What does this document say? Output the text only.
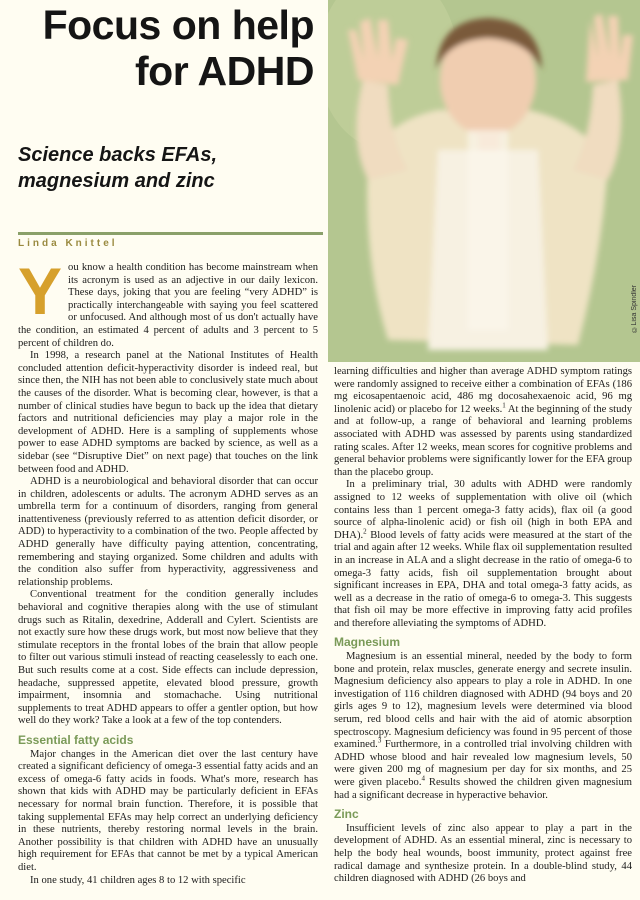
Focus on help
for ADHD
Science backs EFAs,
magnesium and zinc
Linda Knittel
©Lisa Spindler

You know a health condition has become mainstream when its acronym is used as an adjective in our daily lexicon. These days, joking that you are feeling “very ADHD” is practically interchangeable with saying you feel scattered or unfocused. And although most of us don't actually have the condition, an estimated 4 percent of adults and 3 percent to 5 percent of children do.

In 1998, a research panel at the National Institutes of Health concluded attention deficit-hyperactivity disorder is indeed real, but since then, the NIH has not been able to conclusively state much about the causes of the disorder. What is becoming clear, however, is that a number of clinical studies have begun to back up the idea that dietary factors and nutritional deficiencies may play a major role in the development of ADHD. Here is a sampling of supplements whose power to ease ADHD symptoms are backed by science, as well as a sidebar (see “Disruptive Diet” on next page) that touches on the link between food and ADHD.

ADHD is a neurobiological and behavioral disorder that can occur in children, adolescents or adults. The acronym ADHD serves as an umbrella term for a continuum of disorders, ranging from general inattentiveness (previously referred to as attention deficit disorder, or ADD) to hyperactivity to a combination of the two. People affected by ADHD generally have difficulty paying attention, concentrating, remembering and staying organized. Some children and adults with the condition also suffer from hyperactivity, aggressiveness and relationship problems.

Conventional treatment for the condition generally includes behavioral and cognitive therapies along with the use of stimulant drugs such as Ritalin, dexedrine, Adderall and Cylert. Scientists are not exactly sure how these drugs work, but most now believe that they stimulate receptors in the frontal lobes of the brain that allow people to filter out various stimuli instead of reacting ceaselessly to each one. But such results come at a cost. Side effects can include depression, headache, suppressed appetite, elevated blood pressure, growth impairment, insomnia and stomachache. Using nutritional supplements to treat ADHD appears to offer a gentler option, but how well do they work? Take a look at a few of the top contenders.

Essential fatty acids

Major changes in the American diet over the last century have created a significant deficiency of omega-3 essential fatty acids and an excess of omega-6 fatty acids in foods. What's more, research has shown that kids with ADHD may be particularly deficient in EFAs necessary for normal brain function. Therefore, it is possible that taking supplemental EFAs may help correct an underlying deficiency in these nutrients, thereby restoring normal levels in the brain. Another possibility is that children with ADHD have an unusually high requirement for EFAs that cannot be met by a typical American diet.

In one study, 41 children ages 8 to 12 with specific

learning difficulties and higher than average ADHD symptom ratings were randomly assigned to receive either a combination of EFAs (186 mg eicosapentaenoic acid, 486 mg docosahexaenoic acid, 96 mg linolenic acid) or placebo for 12 weeks.$^1$ At the beginning of the study and at follow-up, a range of behavioral and learning problems associated with ADHD was assessed by parents using standardized rating scales. After 12 weeks, mean scores for cognitive problems and general behavior problems were significantly lower for the EFA group than the placebo group.

In a preliminary trial, 30 adults with ADHD were randomly assigned to 12 weeks of supplementation with olive oil (which contains less than 1 percent omega-3 fatty acids), flax oil (a good source of alpha-linolenic acid) or fish oil (high in both EPA and DHA).$^2$ Blood levels of fatty acids were measured at the start of the trial and again after 12 weeks. While flax oil supplementation resulted in an increase in ALA and a slight decrease in the ratio of omega-6 to omega-3 fatty acids, fish oil supplementation brought about significant increases in EPA, DHA and total omega-3 fatty acids, as well as a decrease in the ratio of omega-6 to omega-3. This suggests that fish oil may be more effective in improving fatty acid profiles and therefore alleviating the symptoms of ADHD.

Magnesium

Magnesium is an essential mineral, needed by the body to form bone and protein, relax muscles, generate energy and secrete insulin. Magnesium deficiency also appears to play a role in ADHD. In one investigation of 116 children diagnosed with ADHD (94 boys and 20 girls ages 9 to 12), magnesium levels were determined via blood serum, red blood cells and hair with the aid of atomic absorption spectroscopy. Magnesium deficiency was found in 95 percent of those examined.$^3$ Furthermore, in a controlled trial involving children with ADHD whose blood and hair revealed low magnesium levels, 50 were given 200 mg of magnesium per day for six months, and 25 were given placebo.$^4$ Results showed the children given magnesium had a significant decrease in hyperactive behavior.

Zinc

Insufficient levels of zinc also appear to play a part in the development of ADHD. As an essential mineral, zinc is necessary to help the body heal wounds, boost immunity, protect against free radical damage and synthesize protein. In a double-blind study, 44 children diagnosed with ADHD (26 boys and
